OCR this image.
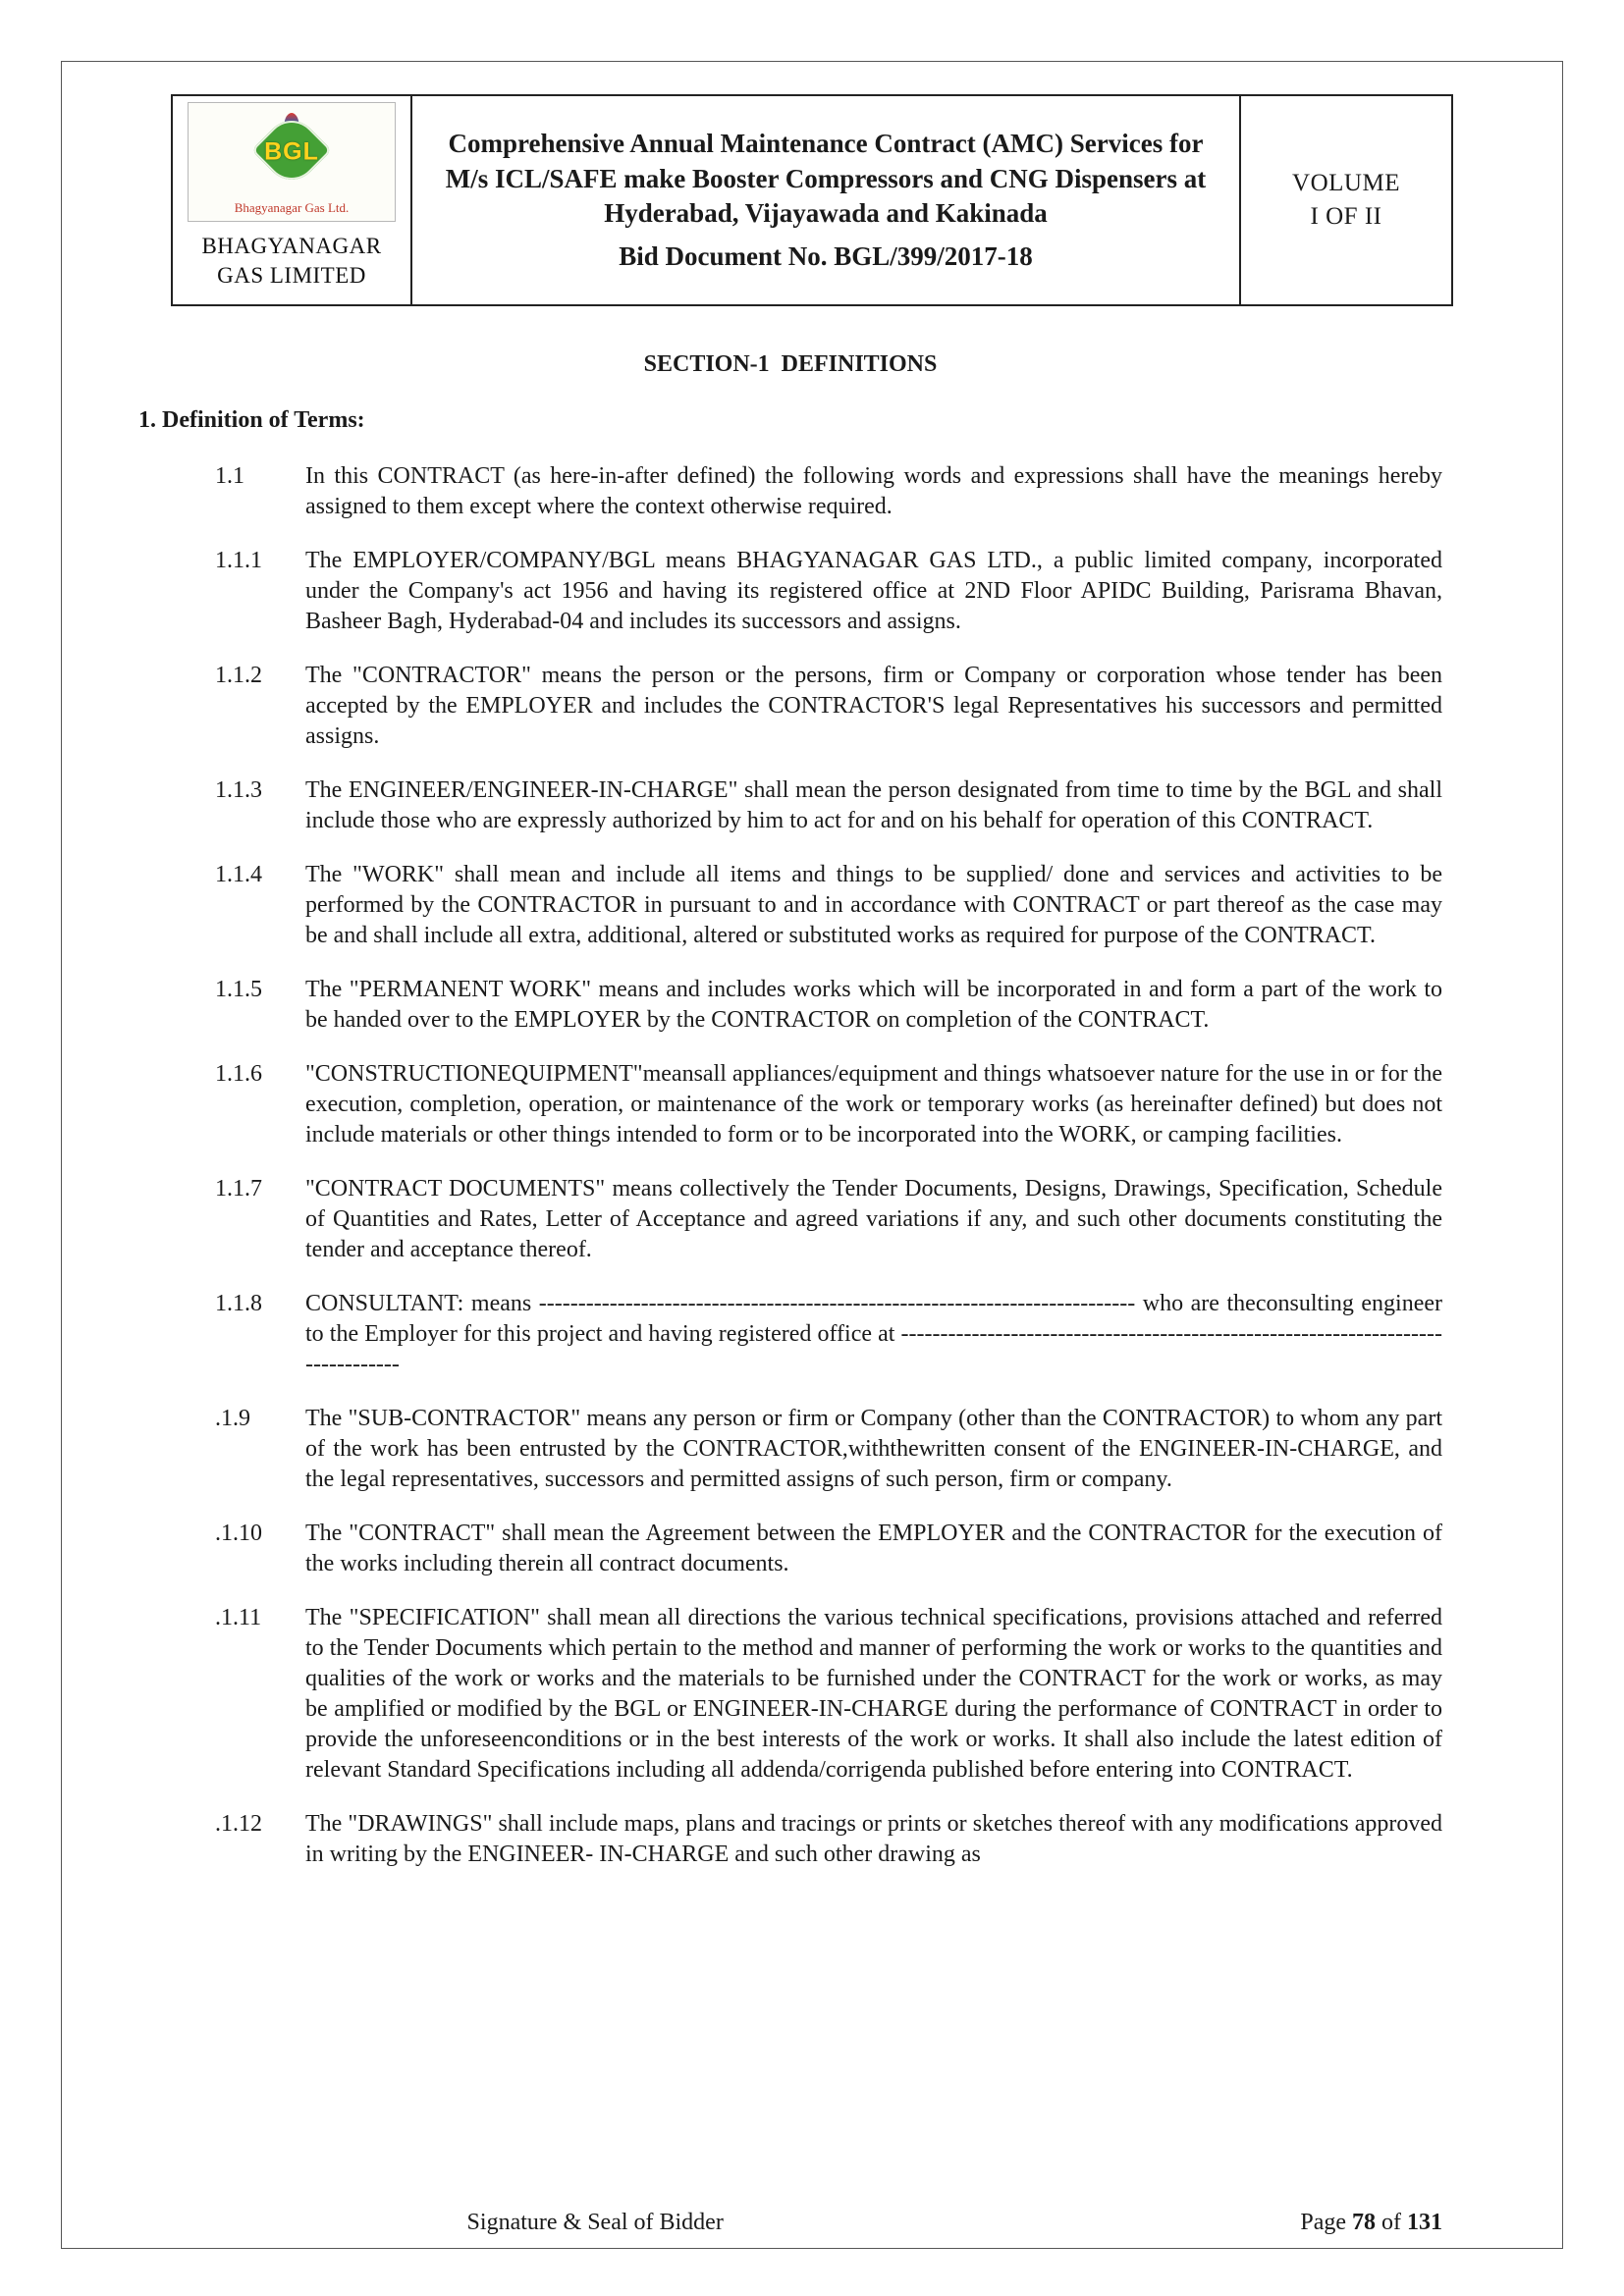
BGL
Bhagyanagar Gas Ltd.
BHAGYANAGAR
GAS LIMITED
Comprehensive Annual Maintenance Contract (AMC) Services for M/s ICL/SAFE make Booster Compressors and CNG Dispensers at Hyderabad, Vijayawada and Kakinada
Bid Document No. BGL/399/2017-18
VOLUME
I OF II
SECTION-1  DEFINITIONS
1. Definition of Terms:
1.1	In this CONTRACT (as here-in-after defined) the following words and expressions shall have the meanings hereby assigned to them except where the context otherwise required.
1.1.1	The EMPLOYER/COMPANY/BGL means BHAGYANAGAR GAS LTD., a public limited company, incorporated under the Company's act 1956 and having its registered office at 2ND Floor APIDC Building, Parisrama Bhavan, Basheer Bagh, Hyderabad-04 and includes its successors and assigns.
1.1.2	The "CONTRACTOR" means the person or the persons, firm or Company or corporation whose tender has been accepted by the EMPLOYER and includes the CONTRACTOR'S legal Representatives his successors and permitted assigns.
1.1.3	The ENGINEER/ENGINEER-IN-CHARGE" shall mean the person designated from time to time by the BGL and shall include those who are expressly authorized by him to act for and on his behalf for operation of this CONTRACT.
1.1.4	The "WORK" shall mean and include all items and things to be supplied/ done and services and activities to be performed by the CONTRACTOR in pursuant to and in accordance with CONTRACT or part thereof as the case may be and shall include all extra, additional, altered or substituted works as required for purpose of the CONTRACT.
1.1.5	The "PERMANENT WORK" means and includes works which will be incorporated in and form a part of the work to be handed over to the EMPLOYER by the CONTRACTOR on completion of the CONTRACT.
1.1.6	"CONSTRUCTIONEQUIPMENT"meansall appliances/equipment and things whatsoever nature for the use in or for the execution, completion, operation, or maintenance of the work or temporary works (as hereinafter defined) but does not include materials or other things intended to form or to be incorporated into the WORK, or camping facilities.
1.1.7	"CONTRACT DOCUMENTS" means collectively the Tender Documents, Designs, Drawings, Specification, Schedule of Quantities and Rates, Letter of Acceptance and agreed variations if any, and such other documents constituting the tender and acceptance thereof.
1.1.8	CONSULTANT: means ---------------------------------------------------------------------------- who are theconsulting engineer to the Employer for this project and having registered office at ---------------------------------------------------------------------------------
.1.9	The "SUB-CONTRACTOR" means any person or firm or Company (other than the CONTRACTOR) to whom any part of the work has been entrusted by the CONTRACTOR,withthewritten consent of the ENGINEER-IN-CHARGE, and the legal representatives, successors and permitted assigns of such person, firm or company.
.1.10	The "CONTRACT" shall mean the Agreement between the EMPLOYER and the CONTRACTOR for the execution of the works including therein all contract documents.
.1.11	The "SPECIFICATION" shall mean all directions the various technical specifications, provisions attached and referred to the Tender Documents which pertain to the method and manner of performing the work or works to the quantities and qualities of the work or works and the materials to be furnished under the CONTRACT for the work or works, as may be amplified or modified by the BGL or ENGINEER-IN-CHARGE during the performance of CONTRACT in order to provide the unforeseenconditions or in the best interests of the work or works. It shall also include the latest edition of relevant Standard Specifications including all addenda/corrigenda published before entering into CONTRACT.
.1.12	The "DRAWINGS" shall include maps, plans and tracings or prints or sketches thereof with any modifications approved in writing by the ENGINEER- IN-CHARGE and such other drawing as
Signature & Seal of Bidder	Page 78 of 131
